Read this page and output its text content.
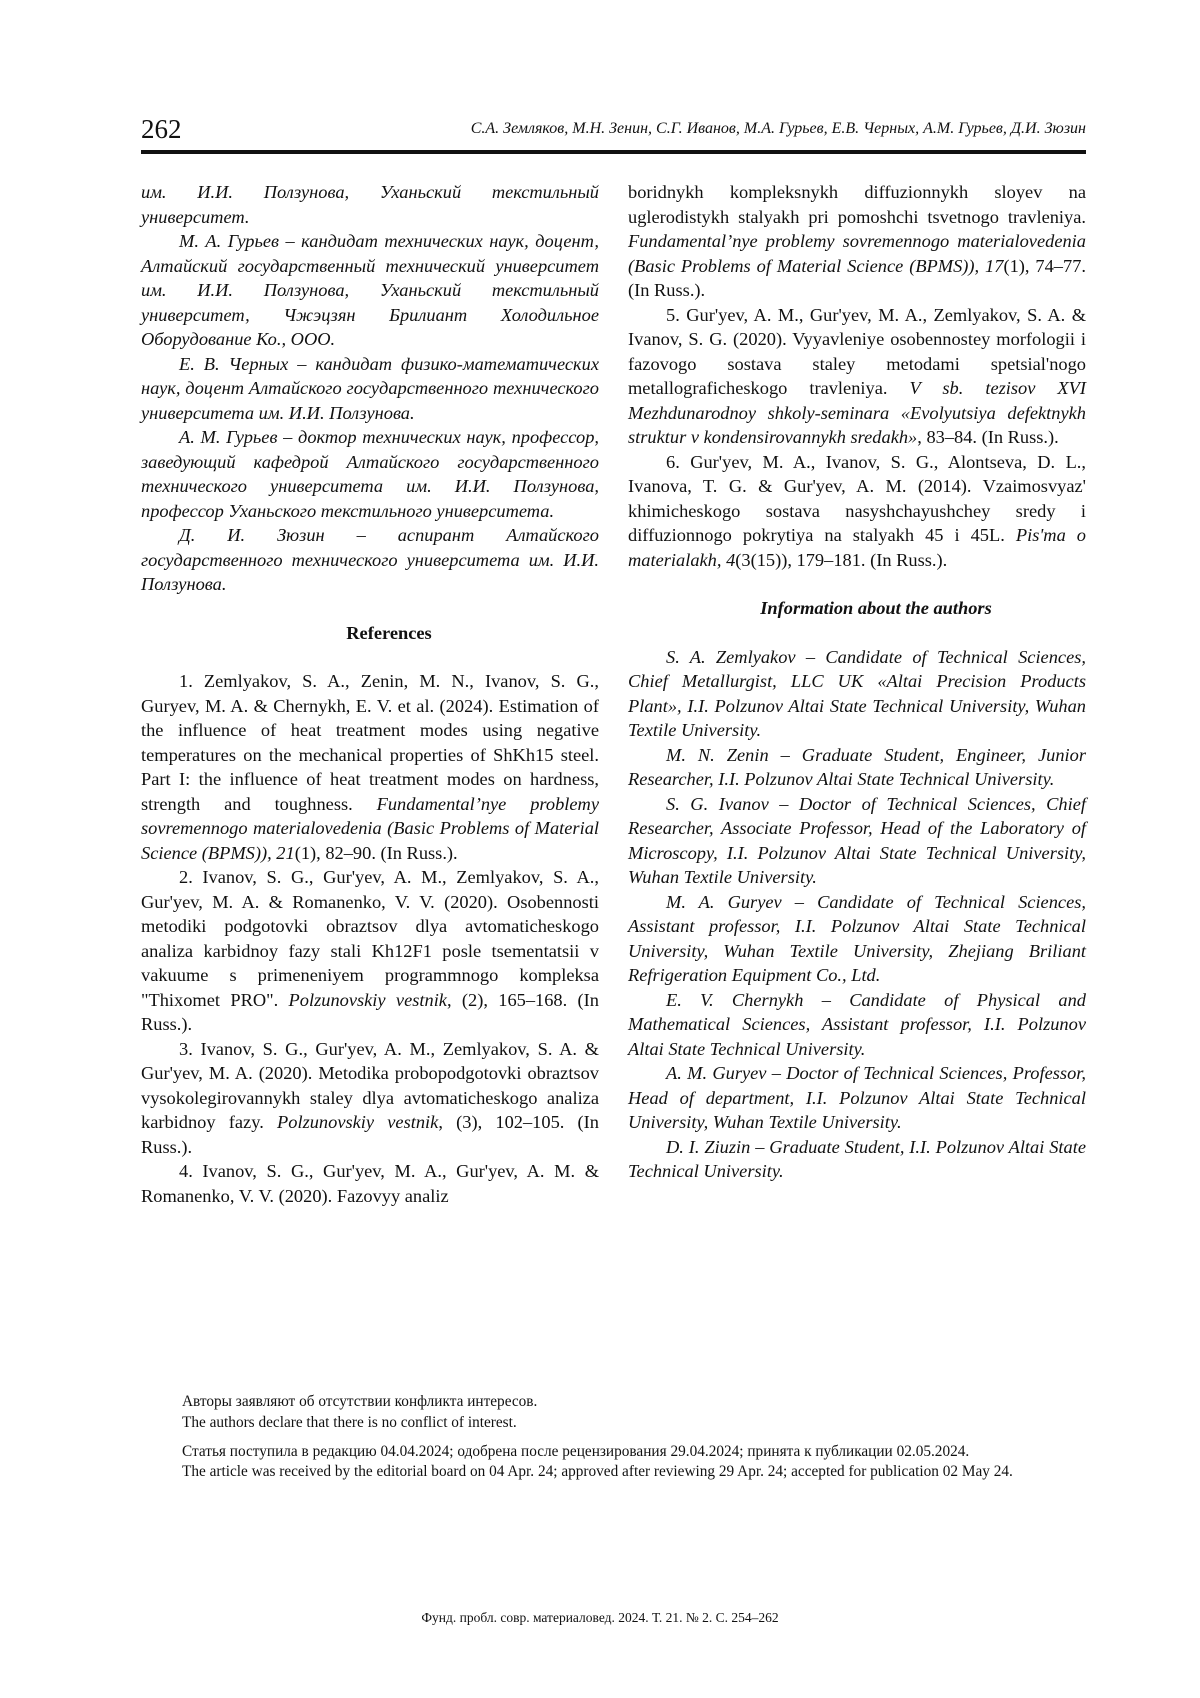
262	С.А. Земляков, М.Н. Зенин, С.Г. Иванов, М.А. Гурьев, Е.В. Черных, А.М. Гурьев, Д.И. Зюзин

им. И.И. Ползунова, Уханьский текстильный университет.

М. А. Гурьев – кандидат технических наук, доцент, Алтайский государственный технический университет им. И.И. Ползунова, Уханьский текстильный университет, Чжэцзян Брилиант Холодильное Оборудование Ко., ООО.

Е. В. Черных – кандидат физико-математических наук, доцент Алтайского государственного технического университета им. И.И. Ползунова.

А. М. Гурьев – доктор технических наук, профессор, заведующий кафедрой Алтайского государственного технического университета им. И.И. Ползунова, профессор Уханьского текстильного университета.

Д. И. Зюзин – аспирант Алтайского государственного технического университета им. И.И. Ползунова.

References

1. Zemlyakov, S. A., Zenin, M. N., Ivanov, S. G., Guryev, M. A. & Chernykh, E. V. et al. (2024). Estimation of the influence of heat treatment modes using negative temperatures on the mechanical properties of ShKh15 steel. Part I: the influence of heat treatment modes on hardness, strength and toughness. Fundamental’nye problemy sovremennogo materialovedenia (Basic Problems of Material Science (BPMS)), 21(1), 82–90. (In Russ.).

2. Ivanov, S. G., Gur'yev, A. M., Zemlyakov, S. A., Gur'yev, M. A. & Romanenko, V. V. (2020). Osobennosti metodiki podgotovki obraztsov dlya avtomaticheskogo analiza karbidnoy fazy stali Kh12F1 posle tsementatsii v vakuume s primeneniyem programmnogo kompleksa "Thixomet PRO". Polzunovskiy vestnik, (2), 165–168. (In Russ.).

3. Ivanov, S. G., Gur'yev, A. M., Zemlyakov, S. A. & Gur'yev, M. A. (2020). Metodika probopodgotovki obraztsov vysokolegirovannykh staley dlya avtomaticheskogo analiza karbidnoy fazy. Polzunovskiy vestnik, (3), 102–105. (In Russ.).

4. Ivanov, S. G., Gur'yev, M. A., Gur'yev, A. M. & Romanenko, V. V. (2020). Fazovyy analiz

boridnykh kompleksnykh diffuzionnykh sloyev na uglerodistykh stalyakh pri pomoshchi tsvetnogo travleniya. Fundamental’nye problemy sovremennogo materialovedenia (Basic Problems of Material Science (BPMS)), 17(1), 74–77. (In Russ.).

5. Gur'yev, A. M., Gur'yev, M. A., Zemlyakov, S. A. & Ivanov, S. G. (2020). Vyyavleniye osobennostey morfologii i fazovogo sostava staley metodami spetsial'nogo metallograficheskogo travleniya. V sb. tezisov XVI Mezhdunarodnoy shkoly-seminara «Evolyutsiya defektnykh struktur v kondensirovannykh sredakh», 83–84. (In Russ.).

6. Gur'yev, M. A., Ivanov, S. G., Alontseva, D. L., Ivanova, T. G. & Gur'yev, A. M. (2014). Vzaimosvyaz' khimicheskogo sostava nasyshchayushchey sredy i diffuzionnogo pokrytiya na stalyakh 45 i 45L. Pis'ma o materialakh, 4(3(15)), 179–181. (In Russ.).

Information about the authors

S. A. Zemlyakov – Candidate of Technical Sciences, Chief Metallurgist, LLC UK «Altai Precision Products Plant», I.I. Polzunov Altai State Technical University, Wuhan Textile University.

M. N. Zenin – Graduate Student, Engineer, Junior Researcher, I.I. Polzunov Altai State Technical University.

S. G. Ivanov – Doctor of Technical Sciences, Chief Researcher, Associate Professor, Head of the Laboratory of Microscopy, I.I. Polzunov Altai State Technical University, Wuhan Textile University.

M. A. Guryev – Candidate of Technical Sciences, Assistant professor, I.I. Polzunov Altai State Technical University, Wuhan Textile University, Zhejiang Briliant Refrigeration Equipment Co., Ltd.

E. V. Chernykh – Candidate of Physical and Mathematical Sciences, Assistant professor, I.I. Polzunov Altai State Technical University.

A. M. Guryev – Doctor of Technical Sciences, Professor, Head of department, I.I. Polzunov Altai State Technical University, Wuhan Textile University.

D. I. Ziuzin – Graduate Student, I.I. Polzunov Altai State Technical University.

Авторы заявляют об отсутствии конфликта интересов.
The authors declare that there is no conflict of interest.

Статья поступила в редакцию 04.04.2024; одобрена после рецензирования 29.04.2024; принята к публикации 02.05.2024.

The article was received by the editorial board on 04 Apr. 24; approved after reviewing 29 Apr. 24; accepted for publication 02 May 24.

Фунд. пробл. совр. материаловед. 2024. Т. 21. № 2. С. 254–262
